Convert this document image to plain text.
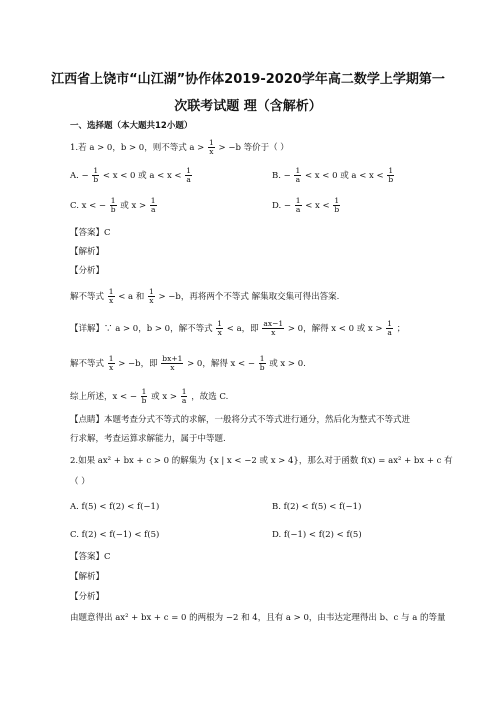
江西省上饶市“山江湖”协作体2019-2020学年高二数学上学期第一
次联考试题 理（含解析）
一、选择题（本大题共12小题）
1.若 a > 0，b > 0，则不等式 $a > \frac{1}{x} > -b$ 等价于（ ）
A. − $\frac{1}{b} < x < 0$ 或 $a < x < \frac{1}{a}$	B. − $\frac{1}{a} < x < 0$ 或 $a < x < \frac{1}{b}$
C. x < − $\frac{1}{b}$ 或 $x > \frac{1}{a}$	D. − $\frac{1}{a} < x < \frac{1}{b}$
【答案】C
【解析】
【分析】
解不等式 $\frac{1}{x} < a$ 和 $\frac{1}{x} > -b$，再将两个不等式 解集取交集可得出答案.
【详解】∵ a > 0，b > 0，解不等式 $\frac{1}{x} < a$，即 $\frac{ax-1}{x} > 0$，解得 x < 0 或 $x > \frac{1}{a}$ ；
解不等式 $\frac{1}{x} > -b$，即 $\frac{bx+1}{x} > 0$，解得 x < − $\frac{1}{b}$ 或 x > 0.
综上所述，x < − $\frac{1}{b}$ 或 $x > \frac{1}{a}$ ，故选 C.
【点睛】本题考查分式不等式的求解，一般将分式不等式进行通分，然后化为整式不等式进
行求解，考查运算求解能力，属于中等题.
2.如果 ax² + bx + c > 0 的解集为 {x | x < −2 或 x > 4}，那么对于函数 f(x) = ax² + bx + c 有
（ ）
A. f(5) < f(2) < f(−1)	B. f(2) < f(5) < f(−1)
C. f(2) < f(−1) < f(5)	D. f(−1) < f(2) < f(5)
【答案】C
【解析】
【分析】
由题意得出 ax² + bx + c = 0 的两根为 −2 和 4，且有 a > 0，由韦达定理得出 b、c 与 a 的等量
